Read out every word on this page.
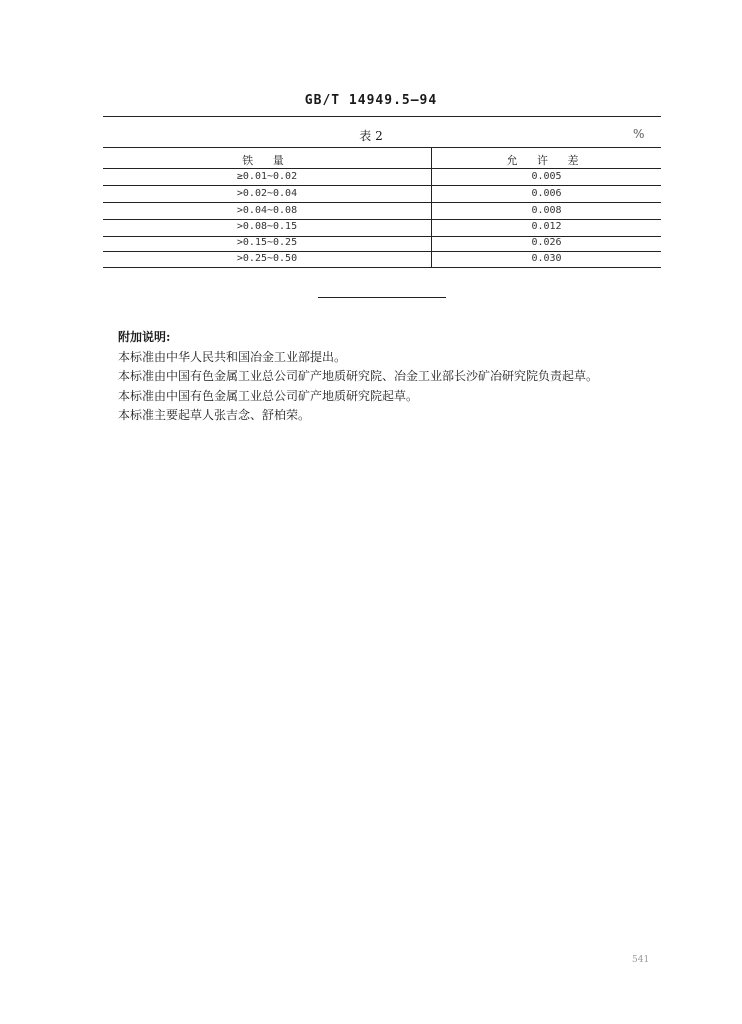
GB/T 14949.5—94
表 2	%
铁 量	允 许 差
≥0.01~0.02	0.005
>0.02~0.04	0.006
>0.04~0.08	0.008
>0.08~0.15	0.012
>0.15~0.25	0.026
>0.25~0.50	0.030
附加说明:
本标准由中华人民共和国冶金工业部提出。
本标准由中国有色金属工业总公司矿产地质研究院、冶金工业部长沙矿冶研究院负责起草。
本标准由中国有色金属工业总公司矿产地质研究院起草。
本标准主要起草人张吉念、舒柏荣。
541
